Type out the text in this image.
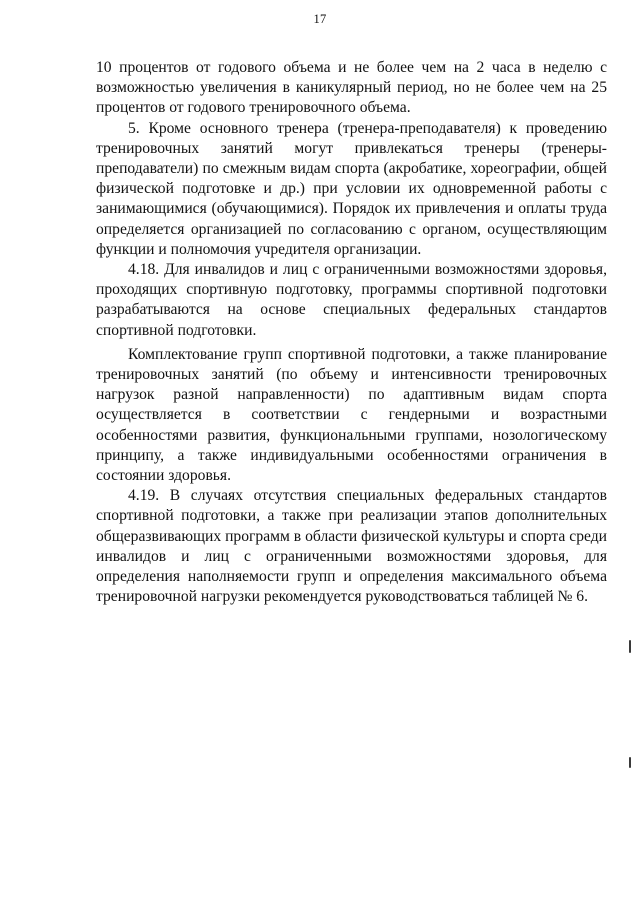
17

10 процентов от годового объема и не более чем на 2 часа в неделю с возможностью увеличения в каникулярный период, но не более чем на 25 процентов от годового тренировочного объема.

5. Кроме основного тренера (тренера-преподавателя) к проведению тренировочных занятий могут привлекаться тренеры (тренеры-преподаватели) по смежным видам спорта (акробатике, хореографии, общей физической подготовке и др.) при условии их одновременной работы с занимающимися (обучающимися). Порядок их привлечения и оплаты труда определяется организацией по согласованию с органом, осуществляющим функции и полномочия учредителя организации.

4.18. Для инвалидов и лиц с ограниченными возможностями здоровья, проходящих спортивную подготовку, программы спортивной подготовки разрабатываются на основе специальных федеральных стандартов спортивной подготовки.

Комплектование групп спортивной подготовки, а также планирование тренировочных занятий (по объему и интенсивности тренировочных нагрузок разной направленности) по адаптивным видам спорта осуществляется в соответствии с гендерными и возрастными особенностями развития, функциональными группами, нозологическому принципу, а также индивидуальными особенностями ограничения в состоянии здоровья.

4.19. В случаях отсутствия специальных федеральных стандартов спортивной подготовки, а также при реализации этапов дополнительных общеразвивающих программ в области физической культуры и спорта среди инвалидов и лиц с ограниченными возможностями здоровья, для определения наполняемости групп и определения максимального объема тренировочной нагрузки рекомендуется руководствоваться таблицей № 6.
